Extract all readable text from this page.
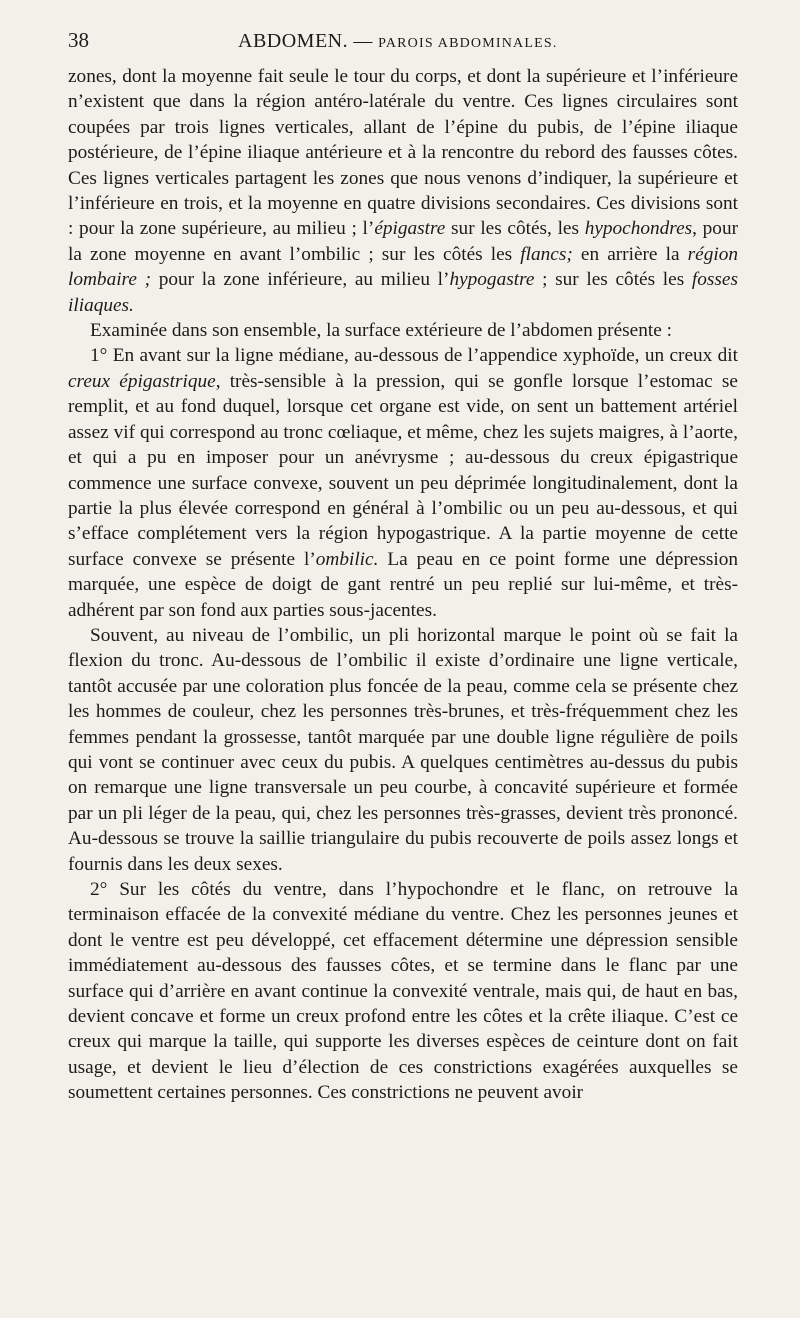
38	ABDOMEN. — PAROIS ABDOMINALES.

zones, dont la moyenne fait seule le tour du corps, et dont la supérieure et l’inférieure n’existent que dans la région antéro-latérale du ventre. Ces lignes circulaires sont coupées par trois lignes verticales, allant de l’épine du pubis, de l’épine iliaque postérieure, de l’épine iliaque antérieure et à la rencontre du rebord des fausses côtes. Ces lignes verticales partagent les zones que nous venons d’indiquer, la supérieure et l’inférieure en trois, et la moyenne en quatre divisions secondaires. Ces divisions sont : pour la zone supérieure, au milieu ; l’épigastre sur les côtés, les hypochondres, pour la zone moyenne en avant l’ombilic ; sur les côtés les flancs; en arrière la région lombaire ; pour la zone inférieure, au milieu l’hypogastre ; sur les côtés les fosses iliaques.

Examinée dans son ensemble, la surface extérieure de l’abdomen présente :

1° En avant sur la ligne médiane, au-dessous de l’appendice xyphoïde, un creux dit creux épigastrique, très-sensible à la pression, qui se gonfle lorsque l’estomac se remplit, et au fond duquel, lorsque cet organe est vide, on sent un battement artériel assez vif qui correspond au tronc cœliaque, et même, chez les sujets maigres, à l’aorte, et qui a pu en imposer pour un anévrysme ; au-dessous du creux épigastrique commence une surface convexe, souvent un peu déprimée longitudinalement, dont la partie la plus élevée correspond en général à l’ombilic ou un peu au-dessous, et qui s’efface complétement vers la région hypogastrique. A la partie moyenne de cette surface convexe se présente l’ombilic. La peau en ce point forme une dépression marquée, une espèce de doigt de gant rentré un peu replié sur lui-même, et très-adhérent par son fond aux parties sous-jacentes.

Souvent, au niveau de l’ombilic, un pli horizontal marque le point où se fait la flexion du tronc. Au-dessous de l’ombilic il existe d’ordinaire une ligne verticale, tantôt accusée par une coloration plus foncée de la peau, comme cela se présente chez les hommes de couleur, chez les personnes très-brunes, et très-fréquemment chez les femmes pendant la grossesse, tantôt marquée par une double ligne régulière de poils qui vont se continuer avec ceux du pubis. A quelques centimètres au-dessus du pubis on remarque une ligne transversale un peu courbe, à concavité supérieure et formée par un pli léger de la peau, qui, chez les personnes très-grasses, devient très prononcé. Au-dessous se trouve la saillie triangulaire du pubis recouverte de poils assez longs et fournis dans les deux sexes.

2° Sur les côtés du ventre, dans l’hypochondre et le flanc, on retrouve la terminaison effacée de la convexité médiane du ventre. Chez les personnes jeunes et dont le ventre est peu développé, cet effacement détermine une dépression sensible immédiatement au-dessous des fausses côtes, et se termine dans le flanc par une surface qui d’arrière en avant continue la convexité ventrale, mais qui, de haut en bas, devient concave et forme un creux profond entre les côtes et la crête iliaque. C’est ce creux qui marque la taille, qui supporte les diverses espèces de ceinture dont on fait usage, et devient le lieu d’élection de ces constrictions exagérées auxquelles se soumettent certaines personnes. Ces constrictions ne peuvent avoir
